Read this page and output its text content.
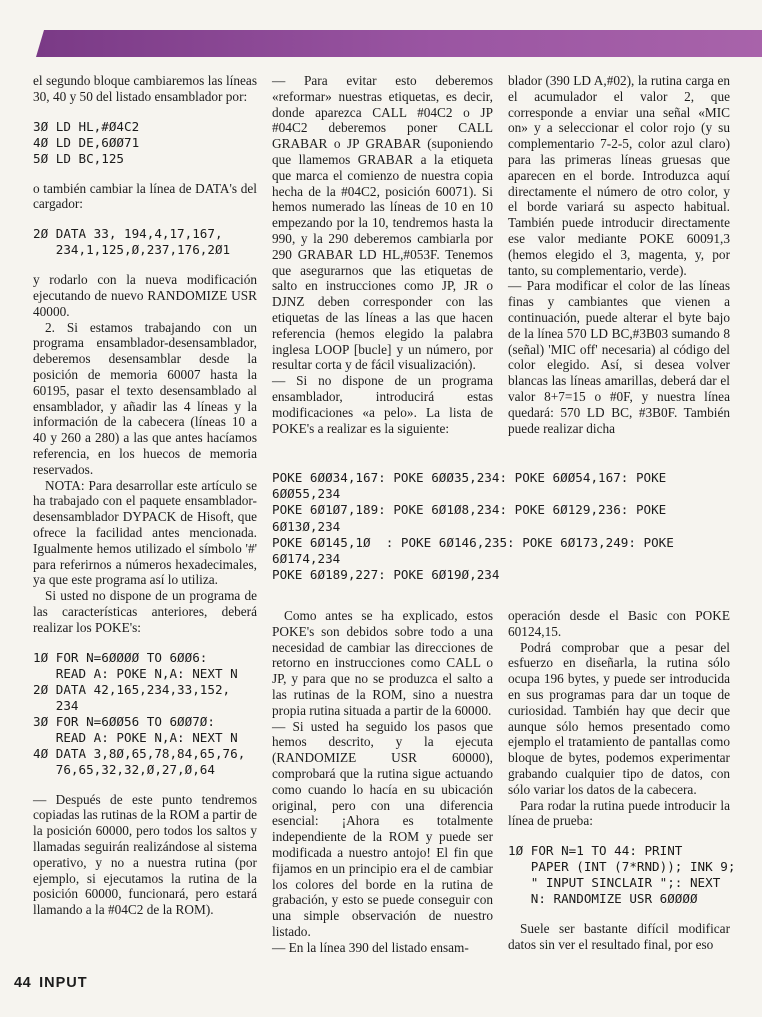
el segundo bloque cambiaremos las líneas 30, 40 y 50 del listado ensamblador por:

3Ø LD HL,#Ø4C2
4Ø LD DE,6ØØ71
5Ø LD BC,125

o también cambiar la línea de DATA's del cargador:

2Ø DATA 33, 194,4,17,167,
234,1,125,Ø,237,176,2Ø1

y rodarlo con la nueva modificación ejecutando de nuevo RANDOMIZE USR 40000.

2. Si estamos trabajando con un programa ensamblador-desensamblador, deberemos desensamblar desde la posición de memoria 60007 hasta la 60195, pasar el texto desensamblado al ensamblador, y añadir las 4 líneas y la información de la cabecera (líneas 10 a 40 y 260 a 280) a las que antes hacíamos referencia, en los huecos de memoria reservados.

NOTA: Para desarrollar este artículo se ha trabajado con el paquete ensamblador-desensamblador DYPACK de Hisoft, que ofrece la facilidad antes mencionada. Igualmente hemos utilizado el símbolo '#' para referirnos a números hexadecimales, ya que este programa así lo utiliza.

Si usted no dispone de un programa de las características anteriores, deberá realizar los POKE's:

1Ø FOR N=6ØØØØ TO 6ØØ6:
READ A: POKE N,A: NEXT N
2Ø DATA 42,165,234,33,152,
234
3Ø FOR N=6ØØ56 TO 6ØØ7Ø:
READ A: POKE N,A: NEXT N
4Ø DATA 3,8Ø,65,78,84,65,76,
76,65,32,32,Ø,27,Ø,64

— Después de este punto tendremos copiadas las rutinas de la ROM a partir de la posición 60000, pero todos los saltos y llamadas seguirán realizándose al sistema operativo, y no a nuestra rutina (por ejemplo, si ejecutamos la rutina de la posición 60000, funcionará, pero estará llamando a la #04C2 de la ROM).

— Para evitar esto deberemos «reformar» nuestras etiquetas, es decir, donde aparezca CALL #04C2 o JP #04C2 deberemos poner CALL GRABAR o JP GRABAR (suponiendo que llamemos GRABAR a la etiqueta que marca el comienzo de nuestra copia hecha de la #04C2, posición 60071). Si hemos numerado las líneas de 10 en 10 empezando por la 10, tendremos hasta la 990, y la 290 deberemos cambiarla por 290 GRABAR LD HL,#053F. Tenemos que asegurarnos que las etiquetas de salto en instrucciones como JP, JR o DJNZ deben corresponder con las etiquetas de las líneas a las que hacen referencia (hemos elegido la palabra inglesa LOOP [bucle] y un número, por resultar corta y de fácil visualización).

— Si no dispone de un programa ensamblador, introducirá estas modificaciones «a pelo». La lista de POKE's a realizar es la siguiente:

blador (390 LD A,#02), la rutina carga en el acumulador el valor 2, que corresponde a enviar una señal «MIC on» y a seleccionar el color rojo (y su complementario 7-2-5, color azul claro) para las primeras líneas gruesas que aparecen en el borde. Introduzca aquí directamente el número de otro color, y el borde variará su aspecto habitual. También puede introducir directamente ese valor mediante POKE 60091,3 (hemos elegido el 3, magenta, y, por tanto, su complementario, verde).

— Para modificar el color de las líneas finas y cambiantes que vienen a continuación, puede alterar el byte bajo de la línea 570 LD BC,#3B03 sumando 8 (señal) 'MIC off' necesaria) al código del color elegido. Así, si desea volver blancas las líneas amarillas, deberá dar el valor 8+7=15 o #0F, y nuestra línea quedará: 570 LD BC, #3B0F. También puede realizar dicha

POKE 6ØØ34,167: POKE 6ØØ35,234: POKE 6ØØ54,167: POKE
6ØØ55,234
POKE 6Ø1Ø7,189: POKE 6Ø1Ø8,234: POKE 6Ø129,236: POKE
6Ø13Ø,234
POKE 6Ø145,1Ø  : POKE 6Ø146,235: POKE 6Ø173,249: POKE
6Ø174,234
POKE 6Ø189,227: POKE 6Ø19Ø,234

Como antes se ha explicado, estos POKE's son debidos sobre todo a una necesidad de cambiar las direcciones de retorno en instrucciones como CALL o JP, y para que no se produzca el salto a las rutinas de la ROM, sino a nuestra propia rutina situada a partir de la 60000.

— Si usted ha seguido los pasos que hemos descrito, y la ejecuta (RANDOMIZE USR 60000), comprobará que la rutina sigue actuando como cuando lo hacía en su ubicación original, pero con una diferencia esencial: ¡Ahora es totalmente independiente de la ROM y puede ser modificada a nuestro antojo! El fin que fijamos en un principio era el de cambiar los colores del borde en la rutina de grabación, y esto se puede conseguir con una simple observación de nuestro listado.

— En la línea 390 del listado ensam-

operación desde el Basic con POKE 60124,15.

Podrá comprobar que a pesar del esfuerzo en diseñarla, la rutina sólo ocupa 196 bytes, y puede ser introducida en sus programas para dar un toque de curiosidad. También hay que decir que aunque sólo hemos presentado como ejemplo el tratamiento de pantallas como bloque de bytes, podemos experimentar grabando cualquier tipo de datos, con sólo variar los datos de la cabecera.

Para rodar la rutina puede introducir la línea de prueba:

1Ø FOR N=1 TO 44: PRINT
PAPER (INT (7*RND)); INK 9;
" INPUT SINCLAIR ";: NEXT
N: RANDOMIZE USR 6ØØØØ

Suele ser bastante difícil modificar datos sin ver el resultado final, por eso

44 INPUT
